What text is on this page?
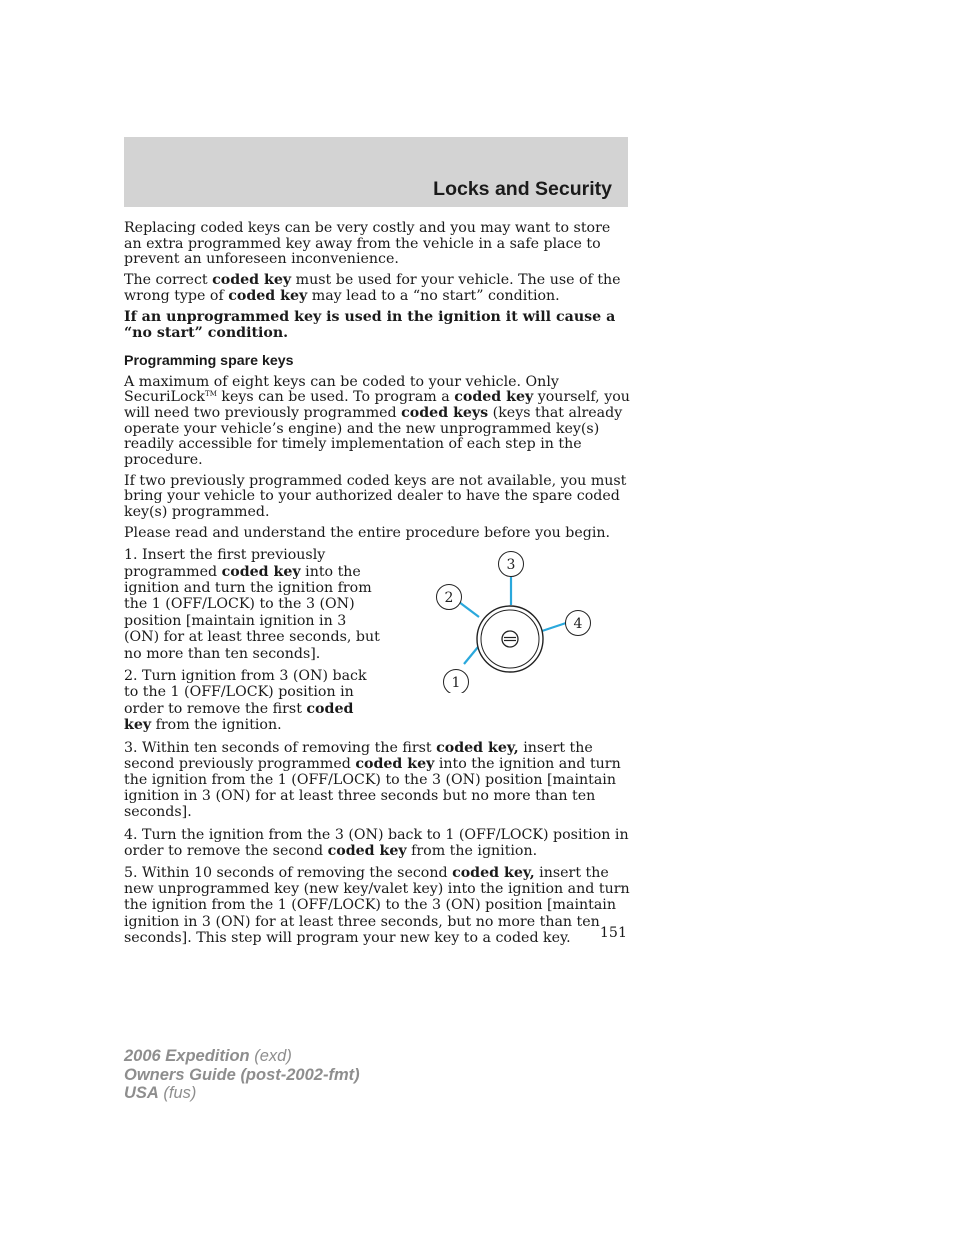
Locks and Security

Replacing coded keys can be very costly and you may want to store an extra programmed key away from the vehicle in a safe place to prevent an unforeseen inconvenience.

The correct coded key must be used for your vehicle. The use of the wrong type of coded key may lead to a “no start” condition.

If an unprogrammed key is used in the ignition it will cause a “no start” condition.

Programming spare keys

A maximum of eight keys can be coded to your vehicle. Only SecuriLock™ keys can be used. To program a coded key yourself, you will need two previously programmed coded keys (keys that already operate your vehicle’s engine) and the new unprogrammed key(s) readily accessible for timely implementation of each step in the procedure.

If two previously programmed coded keys are not available, you must bring your vehicle to your authorized dealer to have the spare coded key(s) programmed.

Please read and understand the entire procedure before you begin.

1. Insert the first previously programmed coded key into the ignition and turn the ignition from the 1 (OFF/LOCK) to the 3 (ON) position [maintain ignition in 3 (ON) for at least three seconds, but no more than ten seconds].

2. Turn ignition from 3 (ON) back to the 1 (OFF/LOCK) position in order to remove the first coded key from the ignition.

3
2
4
1

3. Within ten seconds of removing the first coded key, insert the second previously programmed coded key into the ignition and turn the ignition from the 1 (OFF/LOCK) to the 3 (ON) position [maintain ignition in 3 (ON) for at least three seconds but no more than ten seconds].

4. Turn the ignition from the 3 (ON) back to 1 (OFF/LOCK) position in order to remove the second coded key from the ignition.

5. Within 10 seconds of removing the second coded key, insert the new unprogrammed key (new key/valet key) into the ignition and turn the ignition from the 1 (OFF/LOCK) to the 3 (ON) position [maintain ignition in 3 (ON) for at least three seconds, but no more than ten seconds]. This step will program your new key to a coded key.	151
2006 Expedition (exd)
Owners Guide (post-2002-fmt)
USA (fus)
